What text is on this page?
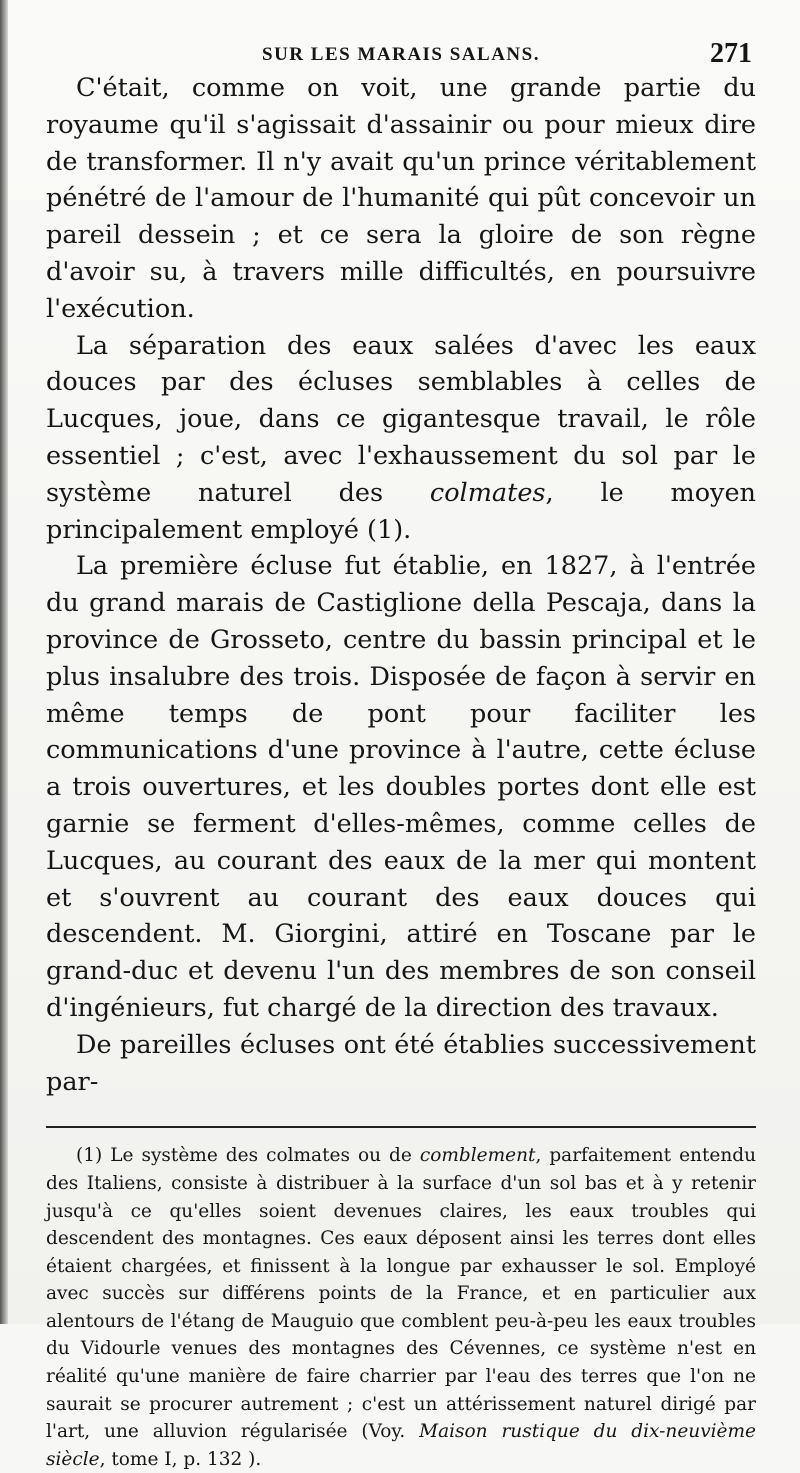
SUR LES MARAIS SALANS.	271

C'était, comme on voit, une grande partie du royaume qu'il s'agissait d'assainir ou pour mieux dire de transformer. Il n'y avait qu'un prince véritablement pénétré de l'amour de l'humanité qui pût concevoir un pareil dessein ; et ce sera la gloire de son règne d'avoir su, à travers mille difficultés, en poursuivre l'exécution.

La séparation des eaux salées d'avec les eaux douces par des écluses semblables à celles de Lucques, joue, dans ce gigantesque travail, le rôle essentiel ; c'est, avec l'exhaussement du sol par le système naturel des colmates, le moyen principalement employé (1).

La première écluse fut établie, en 1827, à l'entrée du grand marais de Castiglione della Pescaja, dans la province de Grosseto, centre du bassin principal et le plus insalubre des trois. Disposée de façon à servir en même temps de pont pour faciliter les communications d'une province à l'autre, cette écluse a trois ouvertures, et les doubles portes dont elle est garnie se ferment d'elles-mêmes, comme celles de Lucques, au courant des eaux de la mer qui montent et s'ouvrent au courant des eaux douces qui descendent. M. Giorgini, attiré en Toscane par le grand-duc et devenu l'un des membres de son conseil d'ingénieurs, fut chargé de la direction des travaux.

De pareilles écluses ont été établies successivement par-

(1) Le système des colmates ou de comblement, parfaitement entendu des Italiens, consiste à distribuer à la surface d'un sol bas et à y retenir jusqu'à ce qu'elles soient devenues claires, les eaux troubles qui descendent des montagnes. Ces eaux déposent ainsi les terres dont elles étaient chargées, et finissent à la longue par exhausser le sol. Employé avec succès sur différens points de la France, et en particulier aux alentours de l'étang de Mauguio que comblent peu-à-peu les eaux troubles du Vidourle venues des montagnes des Cévennes, ce système n'est en réalité qu'une manière de faire charrier par l'eau des terres que l'on ne saurait se procurer autrement ; c'est un attérissement naturel dirigé par l'art, une alluvion régularisée (Voy. Maison rustique du dix-neuvième siècle, tome I, p. 132 ).
